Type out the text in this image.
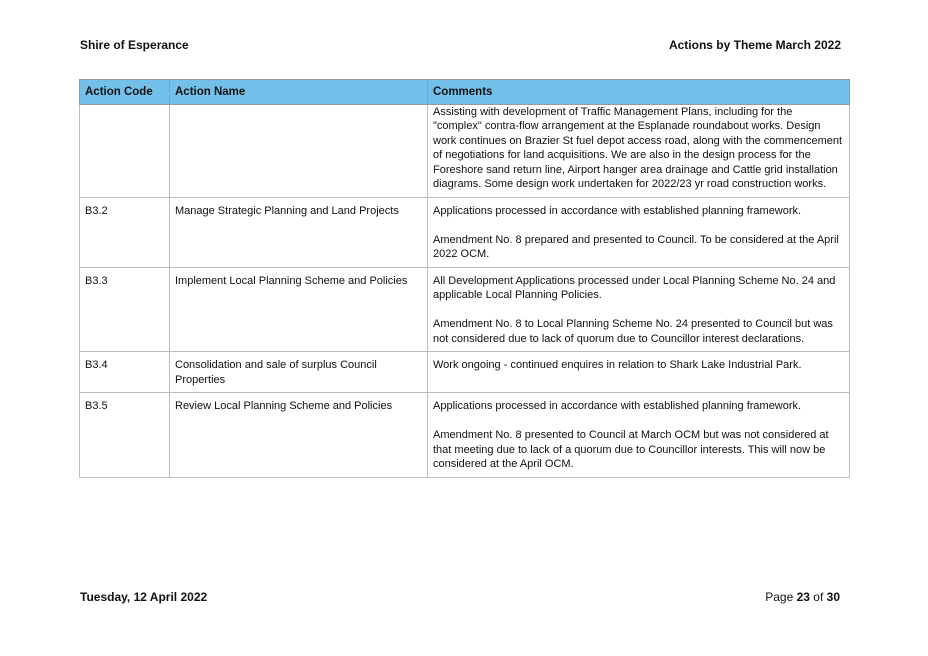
Shire of Esperance	Actions by Theme March 2022
Action Code	Action Name	Comments

		Assisting with development of Traffic Management Plans, including for the "complex" contra-flow arrangement at the Esplanade roundabout works. Design work continues on Brazier St fuel depot access road, along with the commencement of negotiations for land acquisitions. We are also in the design process for the Foreshore sand return line, Airport hanger area drainage and Cattle grid installation diagrams. Some design work undertaken for 2022/23 yr road construction works.

B3.2	Manage Strategic Planning and Land Projects	Applications processed in accordance with established planning framework.

Amendment No. 8 prepared and presented to Council. To be considered at the April 2022 OCM.

B3.3	Implement Local Planning Scheme and Policies	All Development Applications processed under Local Planning Scheme No. 24 and applicable Local Planning Policies.

Amendment No. 8 to Local Planning Scheme No. 24 presented to Council but was not considered due to lack of quorum due to Councillor interest declarations.

B3.4	Consolidation and sale of surplus Council Properties	Work ongoing - continued enquires in relation to Shark Lake Industrial Park.

B3.5	Review Local Planning Scheme and Policies	Applications processed in accordance with established planning framework.

Amendment No. 8 presented to Council at March OCM but was not considered at that meeting due to lack of a quorum due to Councillor interests. This will now be considered at the April OCM.

Tuesday, 12 April 2022	Page 23 of 30
